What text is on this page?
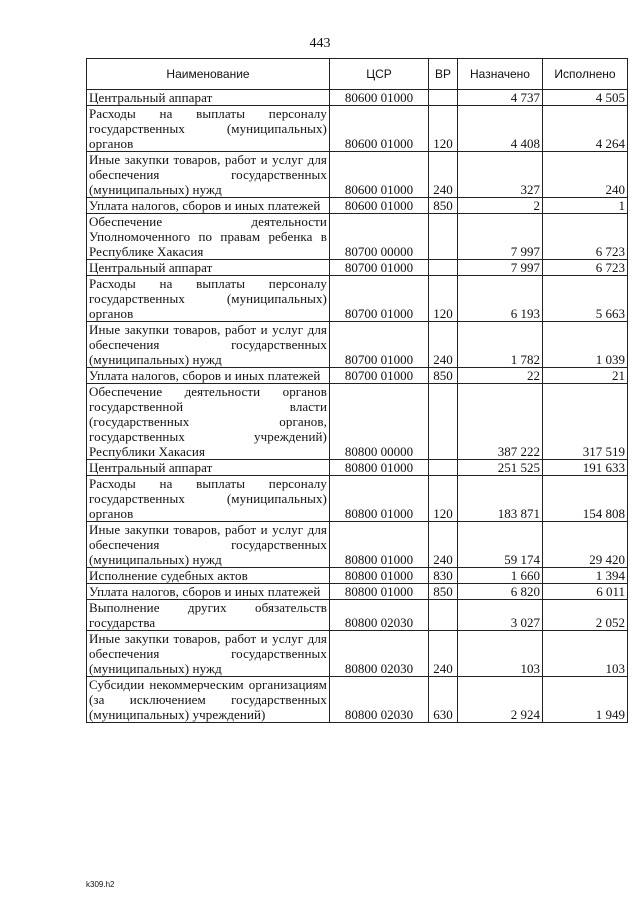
443
Наименование	ЦСР	ВР	Назначено	Исполнено
Центральный аппарат	80600 01000		4 737	4 505
Расходы на выплаты персоналу государственных (муниципальных) органов	80600 01000	120	4 408	4 264
Иные закупки товаров, работ и услуг для обеспечения государственных (муниципальных) нужд	80600 01000	240	327	240
Уплата налогов, сборов и иных платежей	80600 01000	850	2	1
Обеспечение деятельности Уполномоченного по правам ребенка в Республике Хакасия	80700 00000		7 997	6 723
Центральный аппарат	80700 01000		7 997	6 723
Расходы на выплаты персоналу государственных (муниципальных) органов	80700 01000	120	6 193	5 663
Иные закупки товаров, работ и услуг для обеспечения государственных (муниципальных) нужд	80700 01000	240	1 782	1 039
Уплата налогов, сборов и иных платежей	80700 01000	850	22	21
Обеспечение деятельности органов государственной власти (государственных органов, государственных учреждений) Республики Хакасия	80800 00000		387 222	317 519
Центральный аппарат	80800 01000		251 525	191 633
Расходы на выплаты персоналу государственных (муниципальных) органов	80800 01000	120	183 871	154 808
Иные закупки товаров, работ и услуг для обеспечения государственных (муниципальных) нужд	80800 01000	240	59 174	29 420
Исполнение судебных актов	80800 01000	830	1 660	1 394
Уплата налогов, сборов и иных платежей	80800 01000	850	6 820	6 011
Выполнение других обязательств государства	80800 02030		3 027	2 052
Иные закупки товаров, работ и услуг для обеспечения государственных (муниципальных) нужд	80800 02030	240	103	103
Субсидии некоммерческим организациям (за исключением государственных (муниципальных) учреждений)	80800 02030	630	2 924	1 949
k309.h2
